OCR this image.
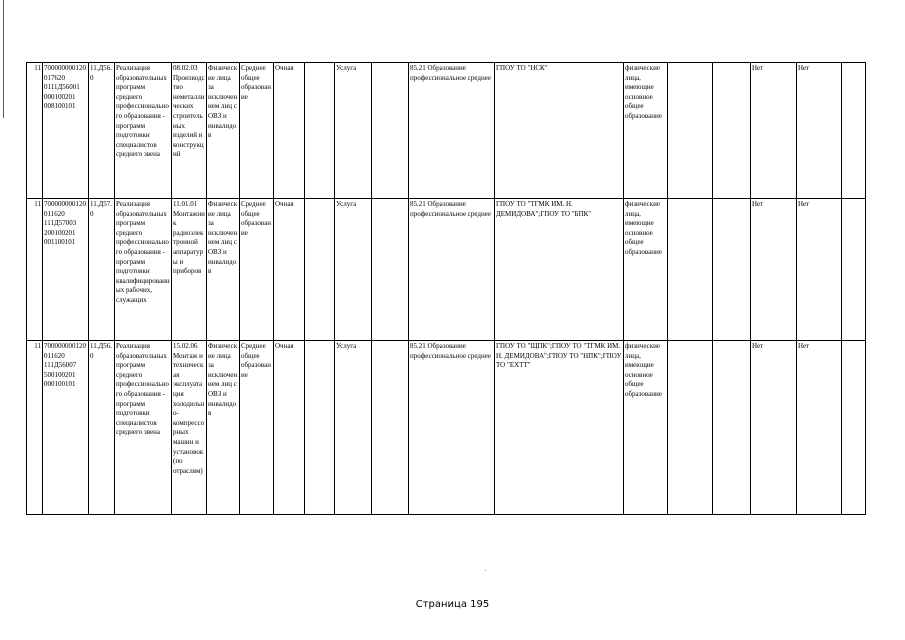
11	700000000120017620 0111Д56001 000100201 008100101	11.Д56.0	Реализация образовательных программ среднего профессионального образования - программ подготовки специалистов среднего звена	08.02.03 Производство неметаллических строительных изделий и конструкций	Физические лица за исключением лиц с ОВЗ и инвалидов	Среднее общее образование	Очная		Услуга		85.21 Образование профессиональное среднее	ГПОУ ТО "НСК"	физические лица, имеющие основное общее образование			Нет	Нет	
11	700000000120011620 111Д57003 200100201 001100101	11.Д57.0	Реализация образовательных программ среднего профессионального образования - программ подготовки квалифицированных рабочих, служащих	11.01.01 Монтажник радиоэлектронной аппаратуры и приборов	Физические лица за исключением лиц с ОВЗ и инвалидов	Среднее общее образование	Очная		Услуга		85.21 Образование профессиональное среднее	ГПОУ ТО "ТГМК ИМ. Н. ДЕМИДОВА";ГПОУ ТО "БПК"	физические лица, имеющие основное общее образование			Нет	Нет	
11	700000000120011620 111Д56007 500100201 000100101	11.Д56.0	Реализация образовательных программ среднего профессионального образования - программ подготовки специалистов среднего звена	15.02.06 Монтаж и техническая эксплуатация холодильно-компрессорных машин и установок (по отраслям)	Физические лица за исключением лиц с ОВЗ и инвалидов	Среднее общее образование	Очная		Услуга		85.21 Образование профессиональное среднее	ГПОУ ТО "ЩПК";ГПОУ ТО "ТГМК ИМ. Н. ДЕМИДОВА";ГПОУ ТО "НПК";ГПОУ ТО "ЕХТТ"	физические лица, имеющие основное общее образование			Нет	Нет	
Страница 195
